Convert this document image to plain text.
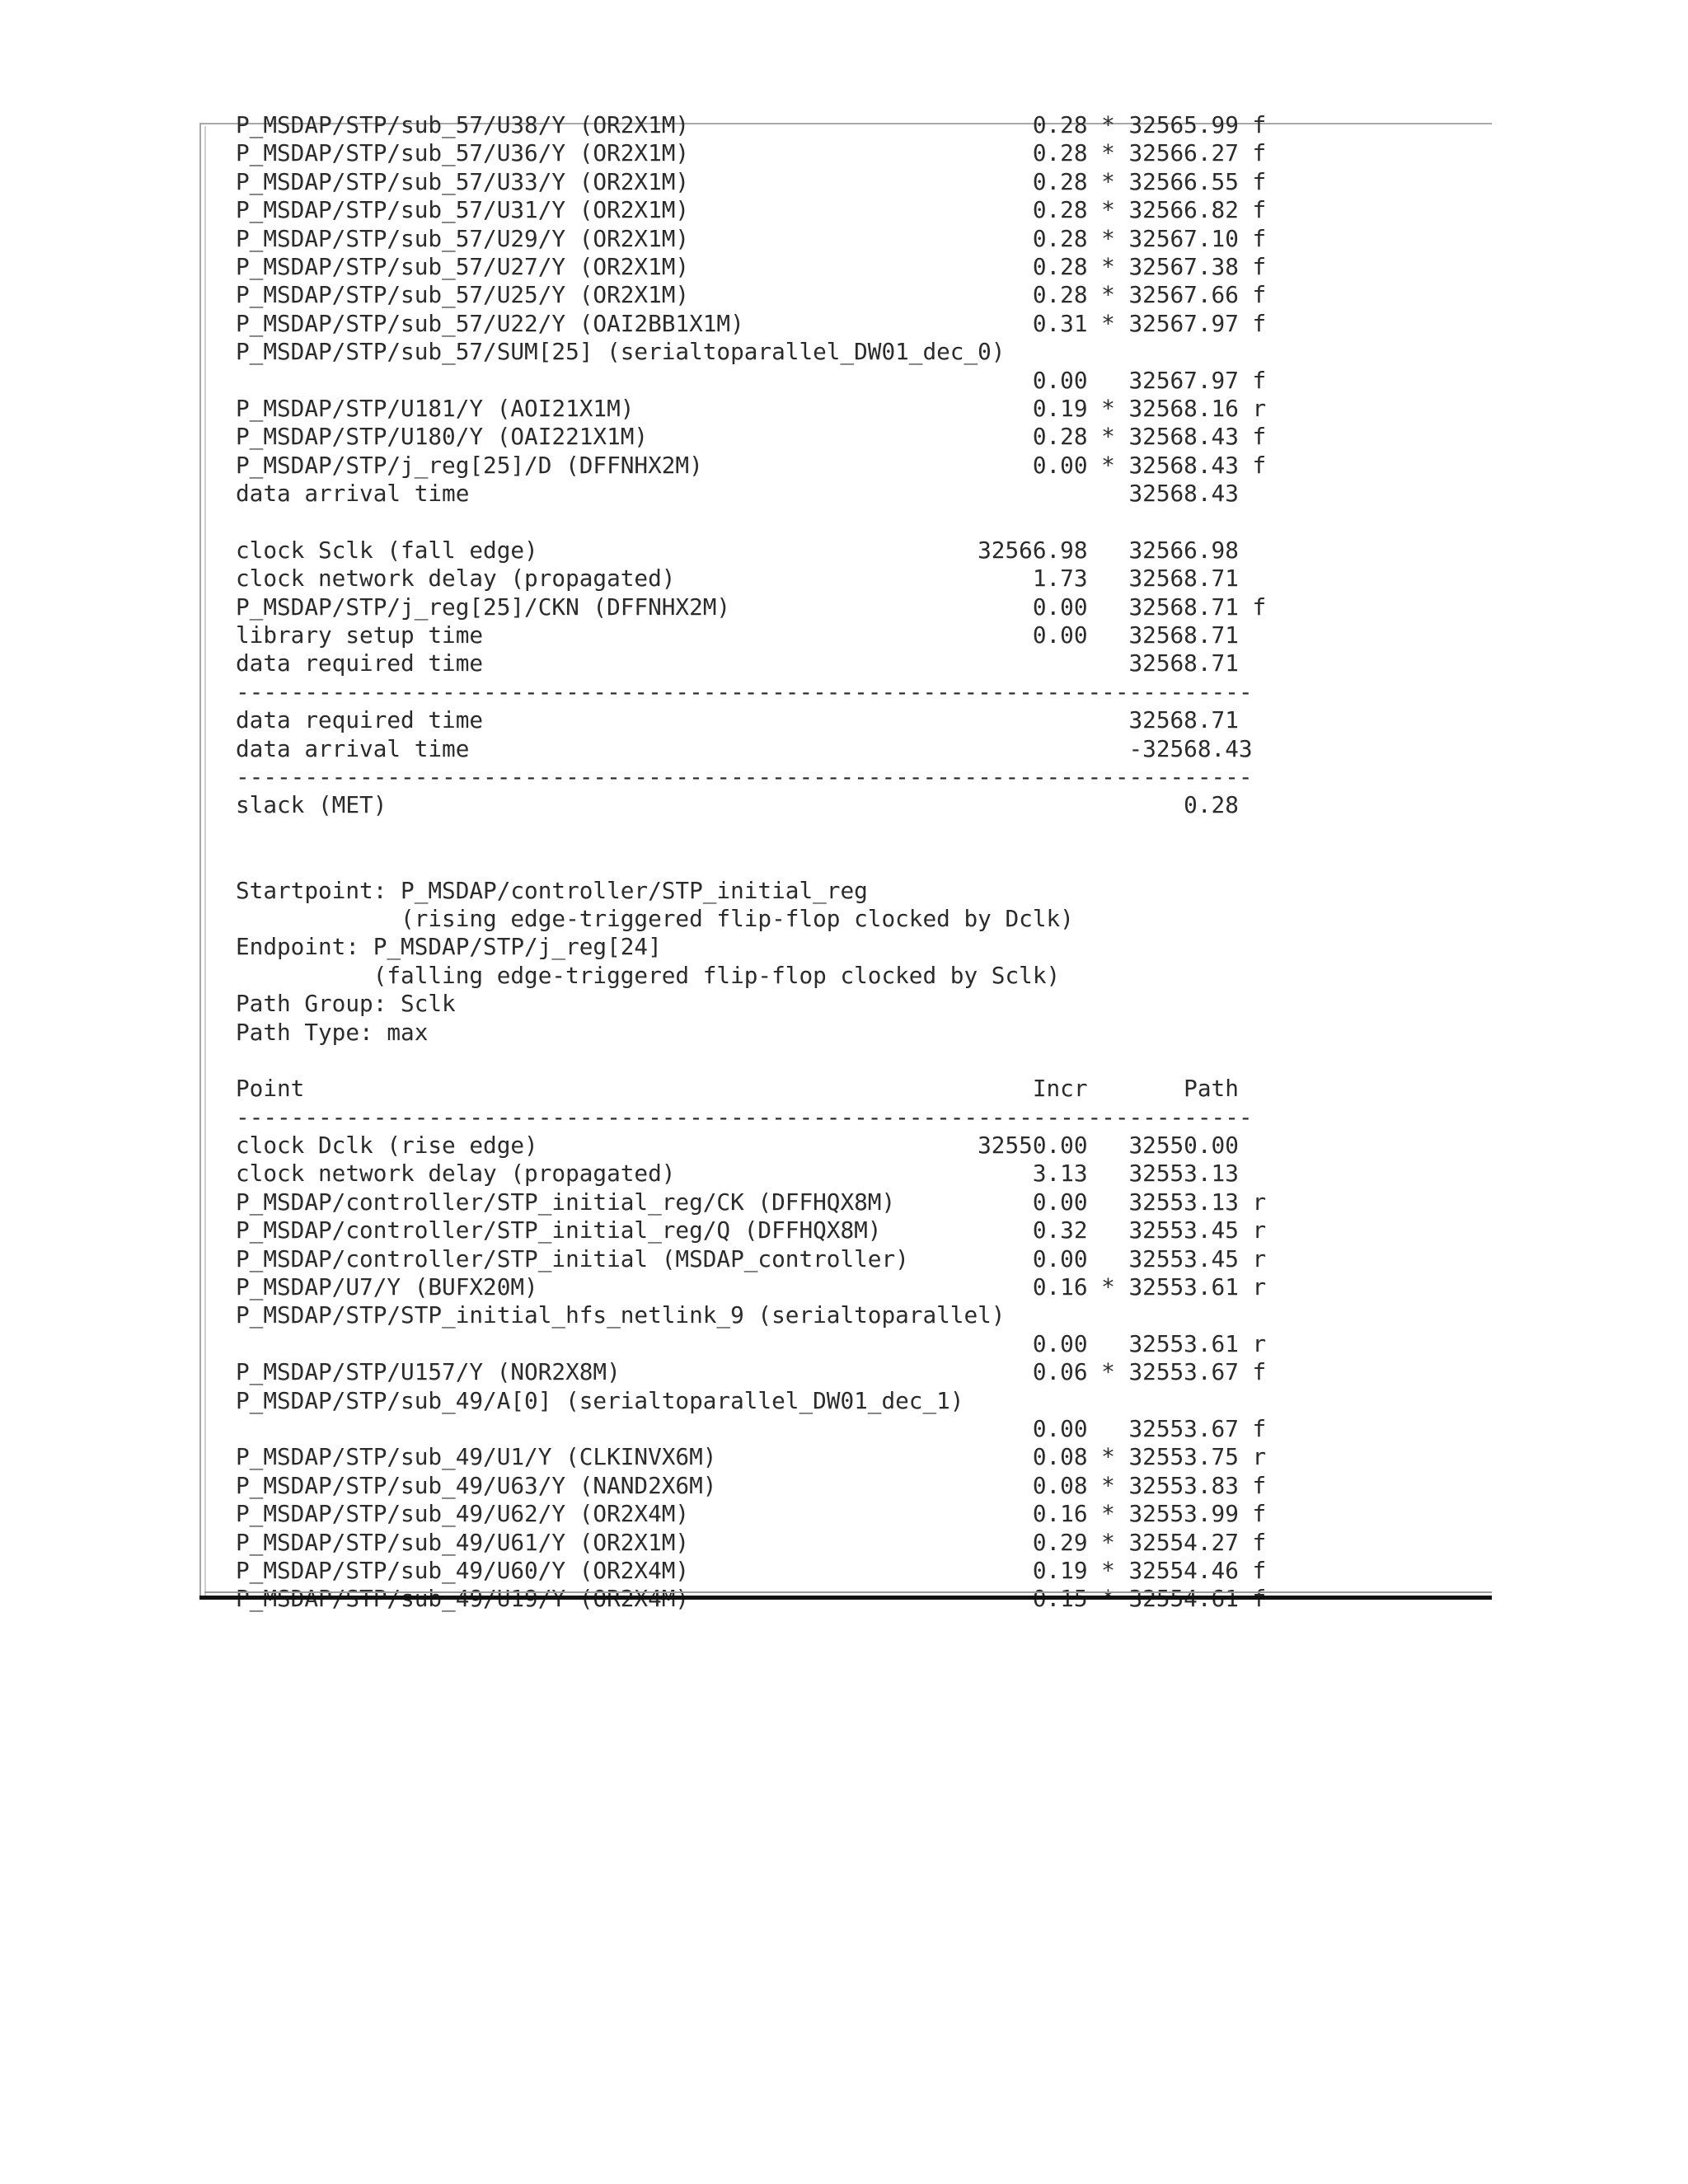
P_MSDAP/STP/sub_57/U38/Y (OR2X1M)                         0.28 * 32565.99 f
P_MSDAP/STP/sub_57/U36/Y (OR2X1M)                         0.28 * 32566.27 f
P_MSDAP/STP/sub_57/U33/Y (OR2X1M)                         0.28 * 32566.55 f
P_MSDAP/STP/sub_57/U31/Y (OR2X1M)                         0.28 * 32566.82 f
P_MSDAP/STP/sub_57/U29/Y (OR2X1M)                         0.28 * 32567.10 f
P_MSDAP/STP/sub_57/U27/Y (OR2X1M)                         0.28 * 32567.38 f
P_MSDAP/STP/sub_57/U25/Y (OR2X1M)                         0.28 * 32567.66 f
P_MSDAP/STP/sub_57/U22/Y (OAI2BB1X1M)                     0.31 * 32567.97 f
P_MSDAP/STP/sub_57/SUM[25] (serialtoparallel_DW01_dec_0)
0.00   32567.97 f
P_MSDAP/STP/U181/Y (AOI21X1M)                             0.19 * 32568.16 r
P_MSDAP/STP/U180/Y (OAI221X1M)                            0.28 * 32568.43 f
P_MSDAP/STP/j_reg[25]/D (DFFNHX2M)                        0.00 * 32568.43 f
data arrival time                                                32568.43

clock Sclk (fall edge)                                32566.98   32566.98
clock network delay (propagated)                          1.73   32568.71
P_MSDAP/STP/j_reg[25]/CKN (DFFNHX2M)                      0.00   32568.71 f
library setup time                                        0.00   32568.71
data required time                                               32568.71
--------------------------------------------------------------------------
data required time                                               32568.71
data arrival time                                                -32568.43
--------------------------------------------------------------------------
slack (MET)                                                          0.28

Startpoint: P_MSDAP/controller/STP_initial_reg
(rising edge-triggered flip-flop clocked by Dclk)
Endpoint: P_MSDAP/STP/j_reg[24]
(falling edge-triggered flip-flop clocked by Sclk)
Path Group: Sclk
Path Type: max

Point                                                     Incr       Path
--------------------------------------------------------------------------
clock Dclk (rise edge)                                32550.00   32550.00
clock network delay (propagated)                          3.13   32553.13
P_MSDAP/controller/STP_initial_reg/CK (DFFHQX8M)          0.00   32553.13 r
P_MSDAP/controller/STP_initial_reg/Q (DFFHQX8M)           0.32   32553.45 r
P_MSDAP/controller/STP_initial (MSDAP_controller)         0.00   32553.45 r
P_MSDAP/U7/Y (BUFX20M)                                    0.16 * 32553.61 r
P_MSDAP/STP/STP_initial_hfs_netlink_9 (serialtoparallel)
0.00   32553.61 r
P_MSDAP/STP/U157/Y (NOR2X8M)                              0.06 * 32553.67 f
P_MSDAP/STP/sub_49/A[0] (serialtoparallel_DW01_dec_1)
0.00   32553.67 f
P_MSDAP/STP/sub_49/U1/Y (CLKINVX6M)                       0.08 * 32553.75 r
P_MSDAP/STP/sub_49/U63/Y (NAND2X6M)                       0.08 * 32553.83 f
P_MSDAP/STP/sub_49/U62/Y (OR2X4M)                         0.16 * 32553.99 f
P_MSDAP/STP/sub_49/U61/Y (OR2X1M)                         0.29 * 32554.27 f
P_MSDAP/STP/sub_49/U60/Y (OR2X4M)                         0.19 * 32554.46 f
